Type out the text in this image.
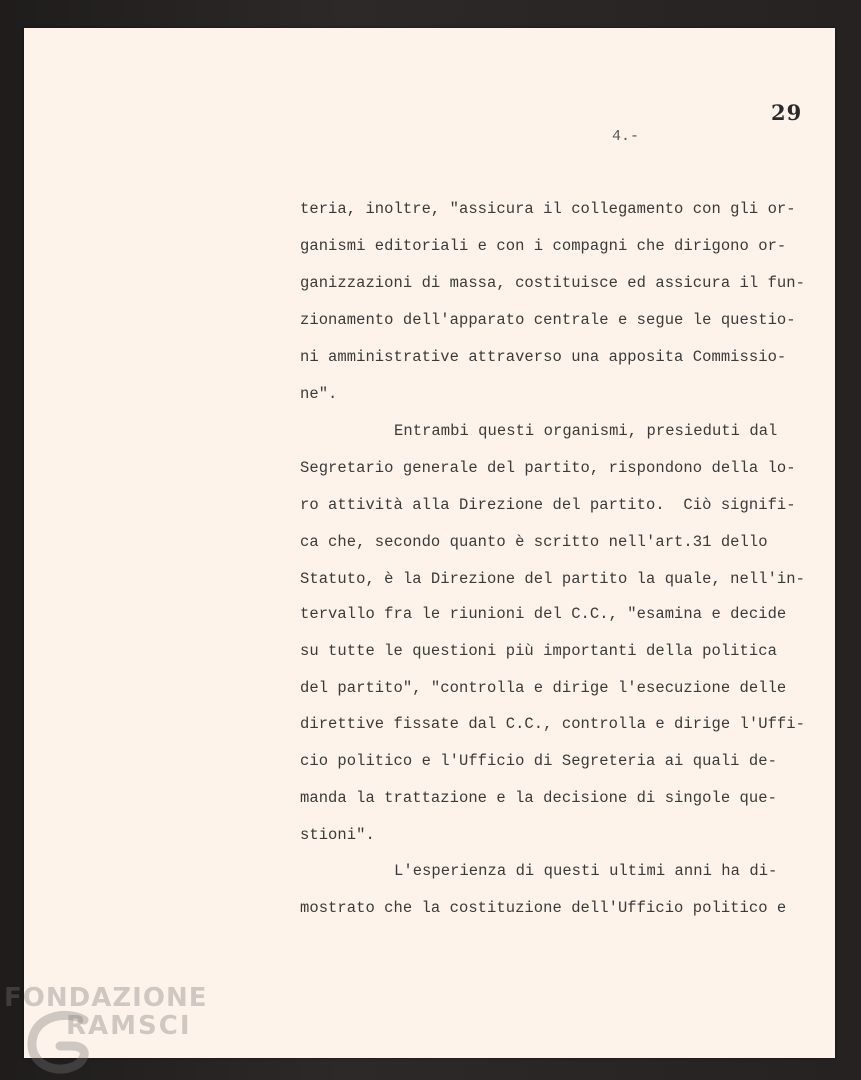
29
4.-
teria, inoltre, "assicura il collegamento con gli or-
ganismi editoriali e con i compagni che dirigono or-
ganizzazioni di massa, costituisce ed assicura il fun-
zionamento dell'apparato centrale e segue le questio-
ni amministrative attraverso una apposita Commissio-
ne".
Entrambi questi organismi, presieduti dal
Segretario generale del partito, rispondono della lo-
ro attività alla Direzione del partito.  Ciò signifi-
ca che, secondo quanto è scritto nell'art.31 dello
Statuto, è la Direzione del partito la quale, nell'in-
tervallo fra le riunioni del C.C., "esamina e decide
su tutte le questioni più importanti della politica
del partito", "controlla e dirige l'esecuzione delle
direttive fissate dal C.C., controlla e dirige l'Uffi-
cio politico e l'Ufficio di Segreteria ai quali de-
manda la trattazione e la decisione di singole que-
stioni".
L'esperienza di questi ultimi anni ha di-
mostrato che la costituzione dell'Ufficio politico e
FONDAZIONE
RAMSCI
